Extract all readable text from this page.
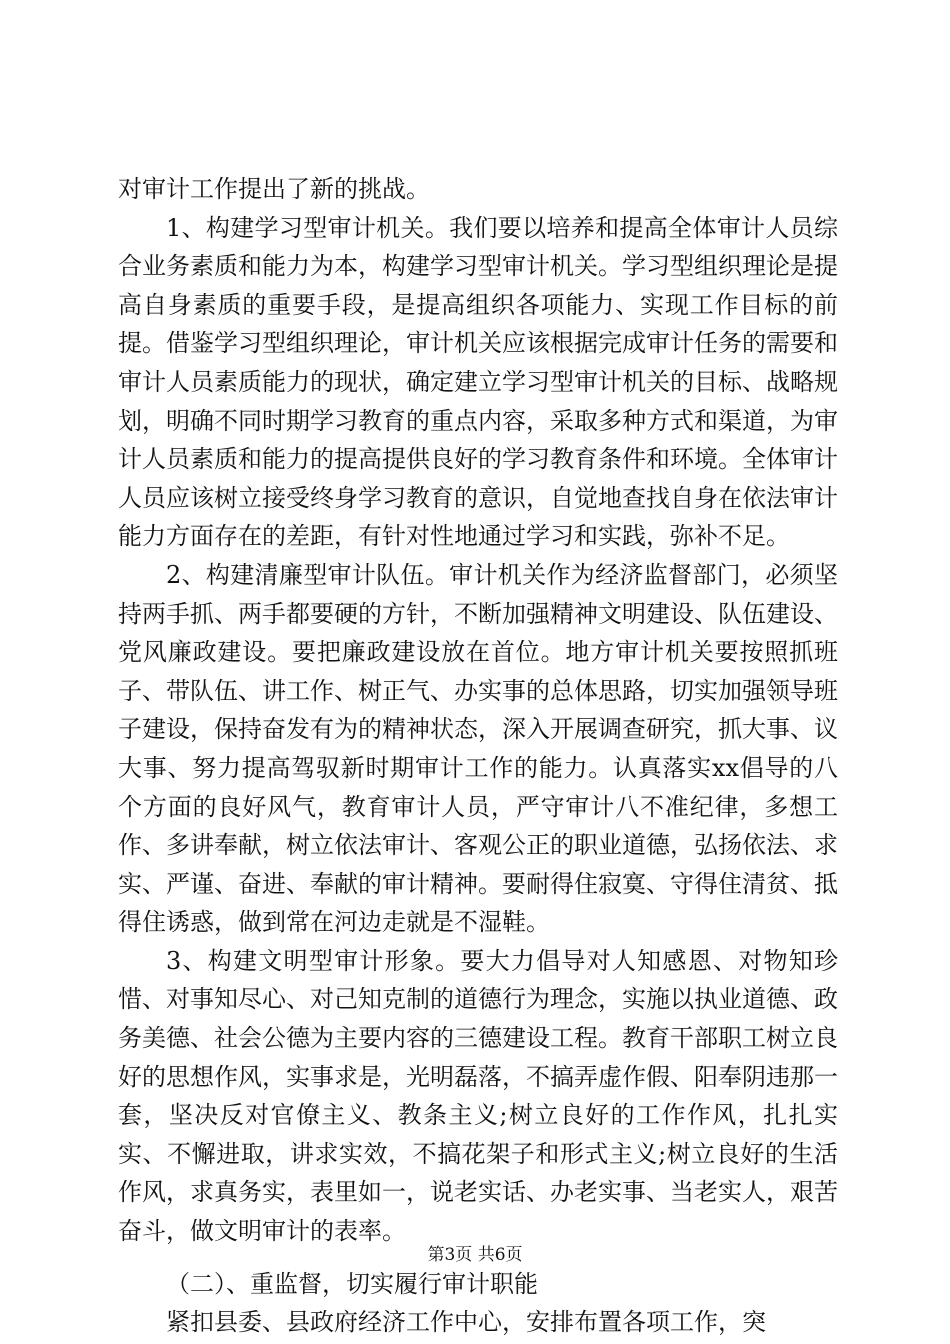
对审计工作提出了新的挑战。

1、构建学习型审计机关。我们要以培养和提高全体审计人员综合业务素质和能力为本，构建学习型审计机关。学习型组织理论是提高自身素质的重要手段，是提高组织各项能力、实现工作目标的前提。借鉴学习型组织理论，审计机关应该根据完成审计任务的需要和审计人员素质能力的现状，确定建立学习型审计机关的目标、战略规划，明确不同时期学习教育的重点内容，采取多种方式和渠道，为审计人员素质和能力的提高提供良好的学习教育条件和环境。全体审计人员应该树立接受终身学习教育的意识，自觉地查找自身在依法审计能力方面存在的差距，有针对性地通过学习和实践，弥补不足。

2、构建清廉型审计队伍。审计机关作为经济监督部门，必须坚持两手抓、两手都要硬的方针，不断加强精神文明建设、队伍建设、党风廉政建设。要把廉政建设放在首位。地方审计机关要按照抓班子、带队伍、讲工作、树正气、办实事的总体思路，切实加强领导班子建设，保持奋发有为的精神状态，深入开展调查研究，抓大事、议大事、努力提高驾驭新时期审计工作的能力。认真落实xx倡导的八个方面的良好风气，教育审计人员，严守审计八不准纪律，多想工作、多讲奉献，树立依法审计、客观公正的职业道德，弘扬依法、求实、严谨、奋进、奉献的审计精神。要耐得住寂寞、守得住清贫、抵得住诱惑，做到常在河边走就是不湿鞋。

3、构建文明型审计形象。要大力倡导对人知感恩、对物知珍惜、对事知尽心、对己知克制的道德行为理念，实施以执业道德、政务美德、社会公德为主要内容的三德建设工程。教育干部职工树立良好的思想作风，实事求是，光明磊落，不搞弄虚作假、阳奉阴违那一套，坚决反对官僚主义、教条主义;树立良好的工作作风，扎扎实实、不懈进取，讲求实效，不搞花架子和形式主义;树立良好的生活作风，求真务实，表里如一，说老实话、办老实事、当老实人，艰苦奋斗，做文明审计的表率。

（二）、重监督，切实履行审计职能

紧扣县委、县政府经济工作中心，安排布置各项工作，突

第3页 共6页
